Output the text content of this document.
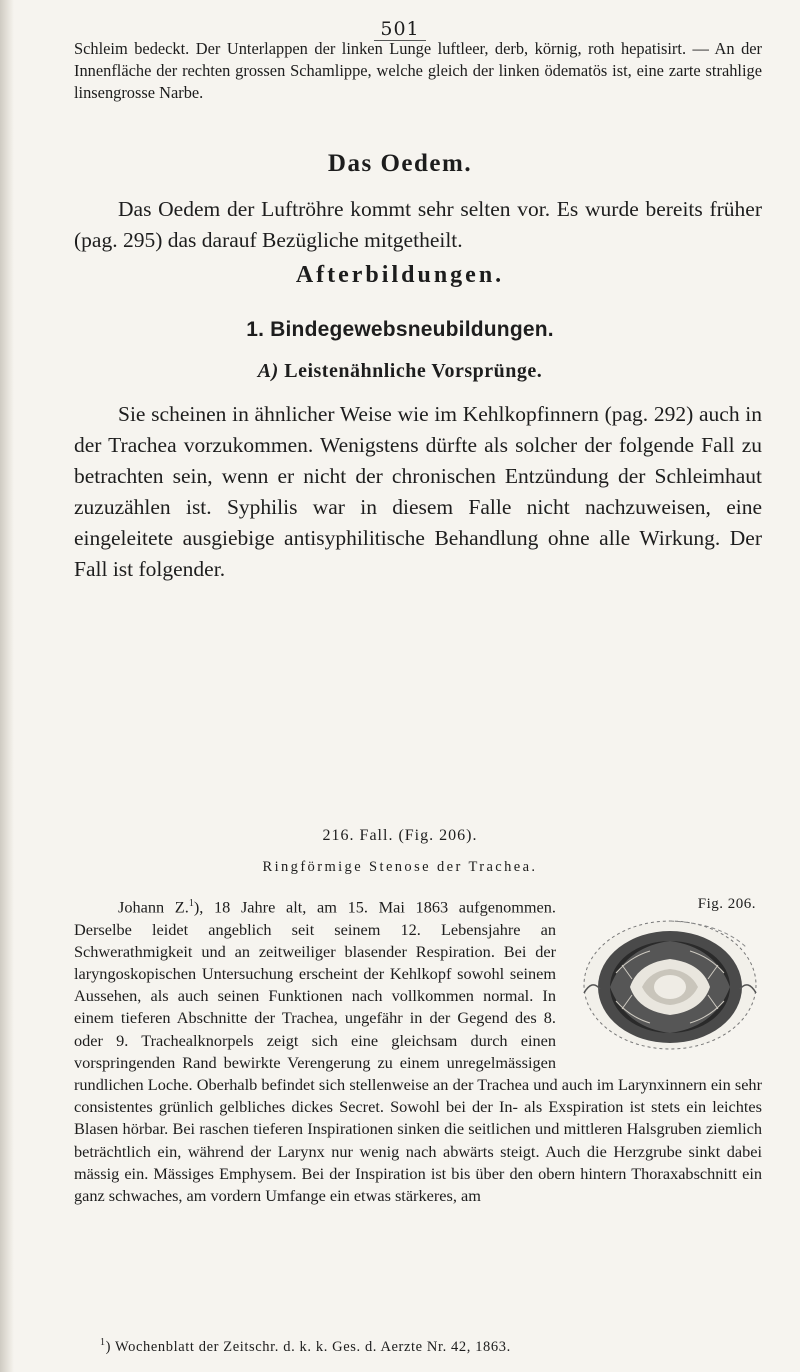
501

Schleim bedeckt. Der Unterlappen der linken Lunge luftleer, derb, körnig, roth hepatisirt. — An der Innenfläche der rechten grossen Schamlippe, welche gleich der linken ödematös ist, eine zarte strahlige linsengrosse Narbe.

Das Oedem.

Das Oedem der Luftröhre kommt sehr selten vor. Es wurde bereits früher (pag. 295) das darauf Bezügliche mitgetheilt.

Afterbildungen.
1. Bindegewebsneubildungen.
A) Leistenähnliche Vorsprünge.

Sie scheinen in ähnlicher Weise wie im Kehlkopfinnern (pag. 292) auch in der Trachea vorzukommen. Wenigstens dürfte als solcher der folgende Fall zu betrachten sein, wenn er nicht der chronischen Entzündung der Schleimhaut zuzuzählen ist. Syphilis war in diesem Falle nicht nachzuweisen, eine eingeleitete ausgiebige antisyphilitische Behandlung ohne alle Wirkung. Der Fall ist folgender.

216. Fall. (Fig. 206).
Ringförmige Stenose der Trachea.
Fig. 206.

Johann Z.$^1$), 18 Jahre alt, am 15. Mai 1863 aufgenommen. Derselbe leidet angeblich seit seinem 12. Lebensjahre an Schwerathmigkeit und an zeitweiliger blasender Respiration. Bei der laryngoskopischen Untersuchung erscheint der Kehlkopf sowohl seinem Aussehen, als auch seinen Funktionen nach vollkommen normal. In einem tieferen Abschnitte der Trachea, ungefähr in der Gegend des 8. oder 9. Trachealknorpels zeigt sich eine gleichsam durch einen vorspringenden Rand bewirkte Verengerung zu einem unregelmässigen rundlichen Loche. Oberhalb befindet sich stellenweise an der Trachea und auch im Larynxinnern ein sehr consistentes grünlich gelbliches dickes Secret. Sowohl bei der In- als Exspiration ist stets ein leichtes Blasen hörbar. Bei raschen tieferen Inspirationen sinken die seitlichen und mittleren Halsgruben ziemlich beträchtlich ein, während der Larynx nur wenig nach abwärts steigt. Auch die Herzgrube sinkt dabei mässig ein. Mässiges Emphysem. Bei der Inspiration ist bis über den obern hintern Thoraxabschnitt ein ganz schwaches, am vordern Umfange ein etwas stärkeres, am

$^1$) Wochenblatt der Zeitschr. d. k. k. Ges. d. Aerzte Nr. 42, 1863.
